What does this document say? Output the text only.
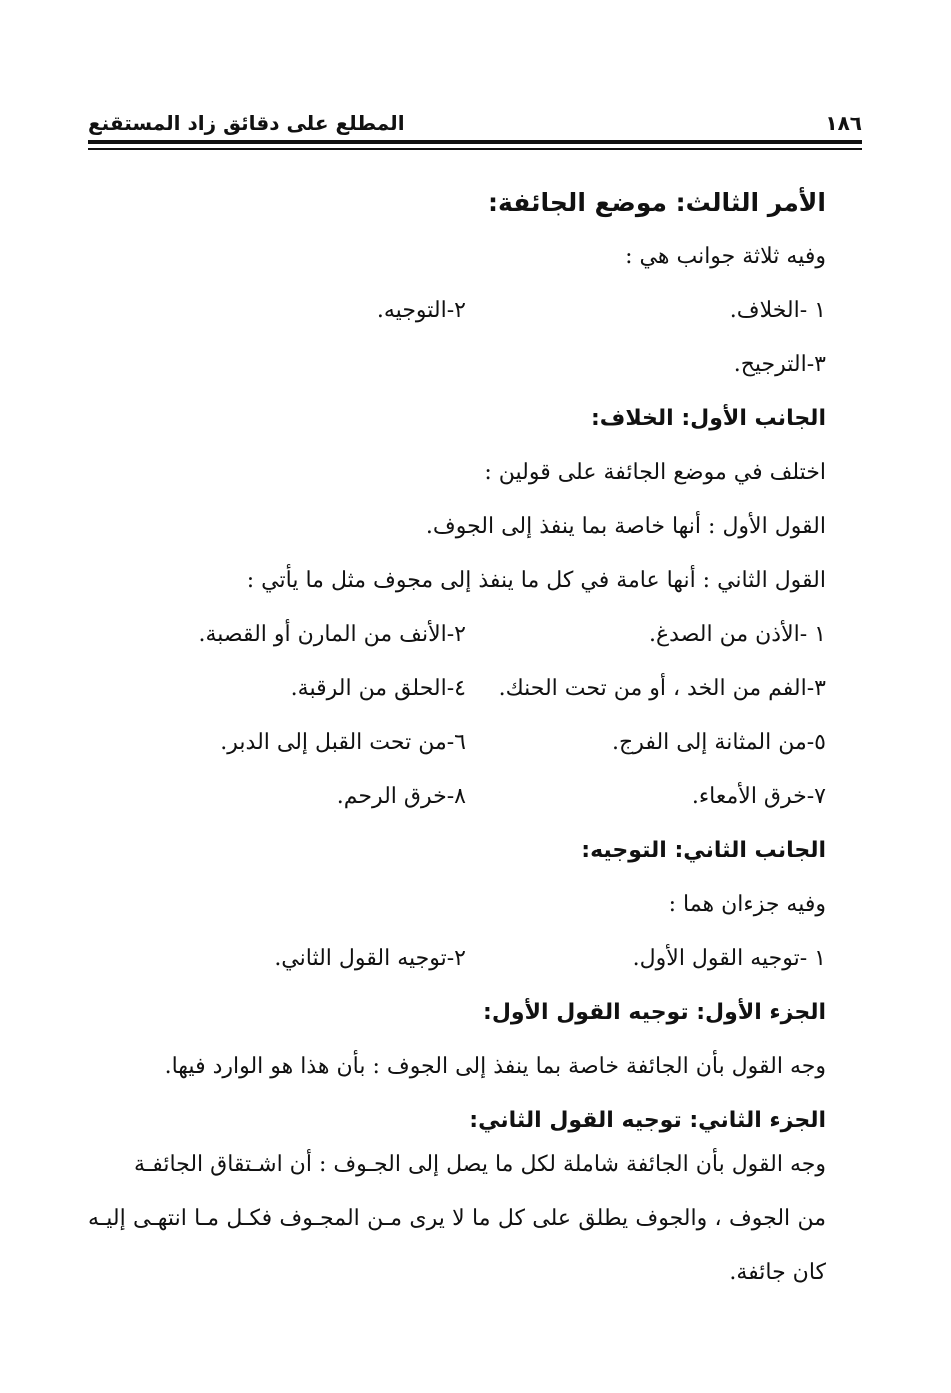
١٨٦
المطلع على دقائق زاد المستقنع
الأمر الثالث: موضع الجائفة:
وفيه ثلاثة جوانب هي :
١ -الخلاف.
٢-التوجيه.
٣-الترجيح.
الجانب الأول: الخلاف:
اختلف في موضع الجائفة على قولين :
القول الأول : أنها خاصة بما ينفذ إلى الجوف.
القول الثاني : أنها عامة في كل ما ينفذ إلى مجوف مثل ما يأتي :
١ -الأذن من الصدغ.
٢-الأنف من المارن أو القصبة.
٣-الفم من الخد ، أو من تحت الحنك.
٤-الحلق من الرقبة.
٥-من المثانة إلى الفرج.
٦-من تحت القبل إلى الدبر.
٧-خرق الأمعاء.
٨-خرق الرحم.
الجانب الثاني: التوجيه:
وفيه جزءان هما :
١ -توجيه القول الأول.
٢-توجيه القول الثاني.
الجزء الأول: توجيه القول الأول:
وجه القول بأن الجائفة خاصة بما ينفذ إلى الجوف : بأن هذا هو الوارد فيها.
الجزء الثاني: توجيه القول الثاني:
وجه القول بأن الجائفة شاملة لكل ما يصل إلى الجـوف : أن اشـتقاق الجائفـة
من الجوف ، والجوف يطلق على كل ما لا يرى مـن المجـوف فكـل مـا انتهـى إليـه كان جائفة.
